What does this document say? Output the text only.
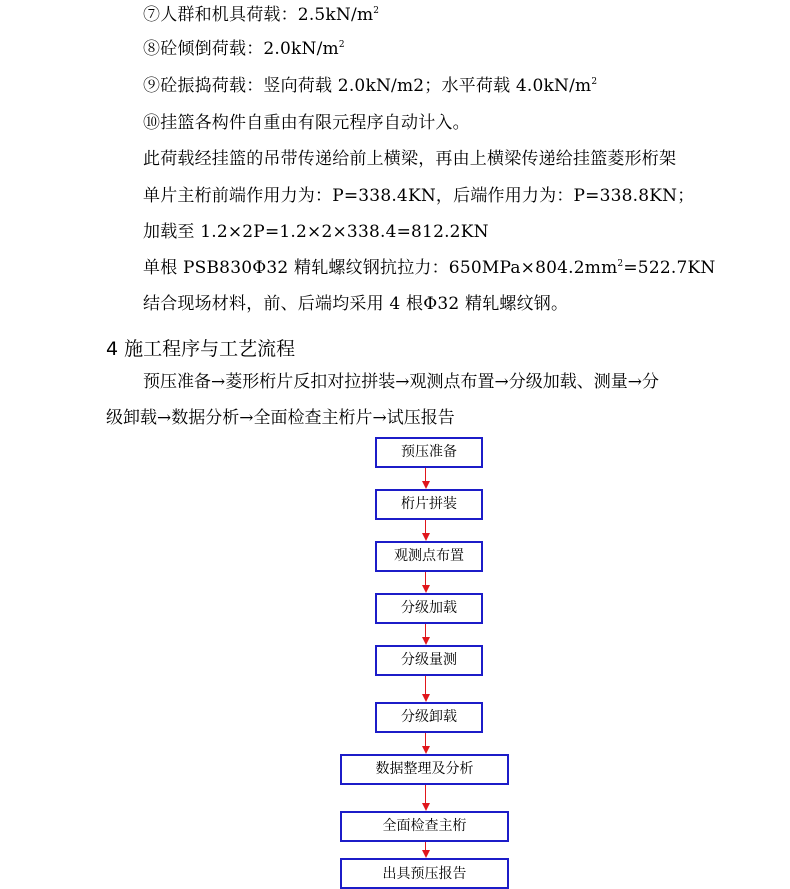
⑦人群和机具荷载：$2.5kN/m^2$
⑧砼倾倒荷载：$2.0kN/m^2$
⑨砼振捣荷载：竖向荷载 2.0kN/m2；水平荷载 $4.0kN/m^2$
⑩挂篮各构件自重由有限元程序自动计入。
此荷载经挂篮的吊带传递给前上横梁，再由上横梁传递给挂篮菱形桁架
单片主桁前端作用力为：P=338.4KN，后端作用力为：P=338.8KN；
加载至 1.2×2P=1.2×2×338.4=812.2KN
单根 PSB830Φ32 精轧螺纹钢抗拉力：$650MPa\times 804.2mm^2=522.7KN$
结合现场材料，前、后端均采用 4 根Φ32 精轧螺纹钢。
4 施工程序与工艺流程
预压准备→菱形桁片反扣对拉拼装→观测点布置→分级加载、测量→分
级卸载→数据分析→全面检查主桁片→试压报告
预压准备
桁片拼装
观测点布置
分级加载
分级量测
分级卸载
数据整理及分析
全面检查主桁
出具预压报告
